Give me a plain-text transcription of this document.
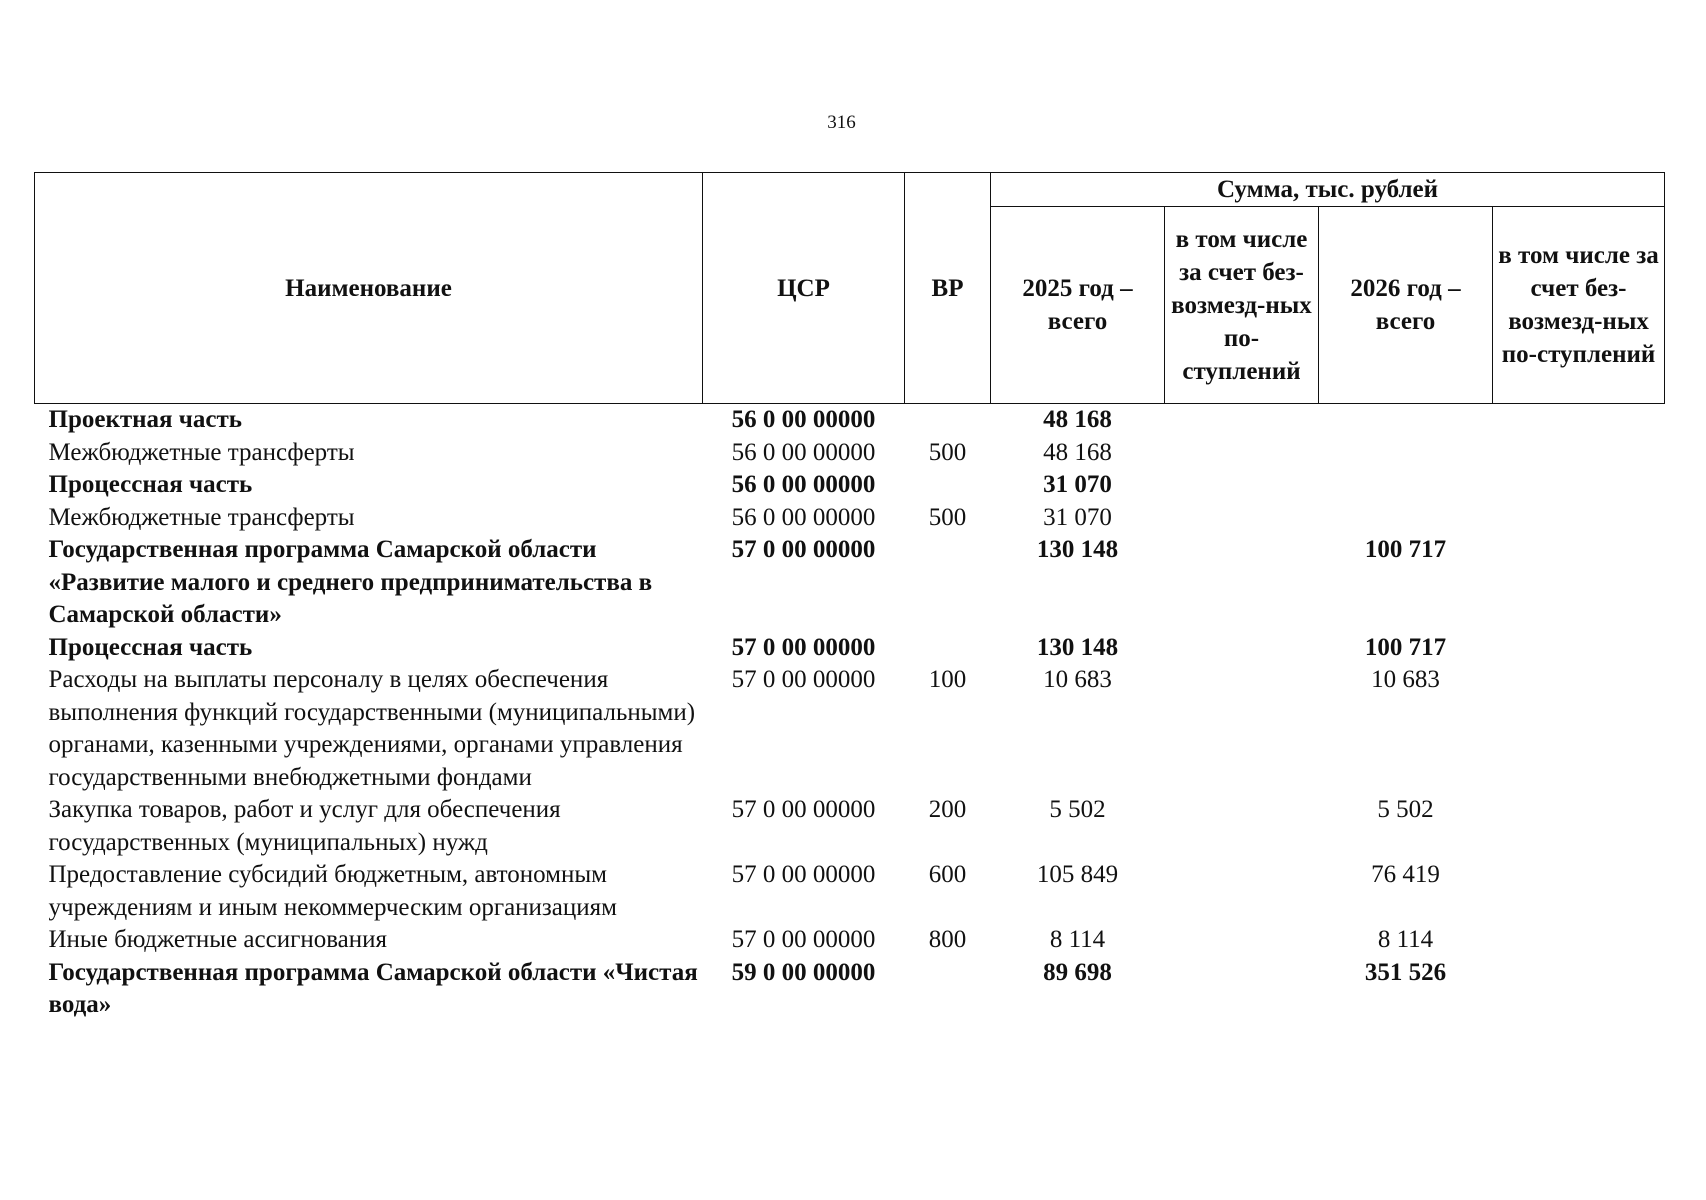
316
Наименование	ЦСР	ВР	Сумма, тыс. рублей			
			2025 год – всего	в том числе за счет без-возмезд-ных по-ступлений	2026 год – всего	в том числе за счет без-возмезд-ных по-ступлений
Проектная часть	56 0 00 00000		48 168			
Межбюджетные трансферты	56 0 00 00000	500	48 168			
Процессная часть	56 0 00 00000		31 070			
Межбюджетные трансферты	56 0 00 00000	500	31 070			
Государственная программа Самарской области «Развитие малого и среднего предпринимательства в Самарской области»	57 0 00 00000		130 148		100 717	
Процессная часть	57 0 00 00000		130 148		100 717	
Расходы на выплаты персоналу в целях обеспечения выполнения функций государственными (муниципальными) органами, казенными учреждениями, органами управления государственными внебюджетными фондами	57 0 00 00000	100	10 683		10 683	
Закупка товаров, работ и услуг для обеспечения государственных (муниципальных) нужд	57 0 00 00000	200	5 502		5 502	
Предоставление субсидий бюджетным, автономным учреждениям и иным некоммерческим организациям	57 0 00 00000	600	105 849		76 419	
Иные бюджетные ассигнования	57 0 00 00000	800	8 114		8 114	
Государственная программа Самарской области «Чистая вода»	59 0 00 00000		89 698		351 526	
